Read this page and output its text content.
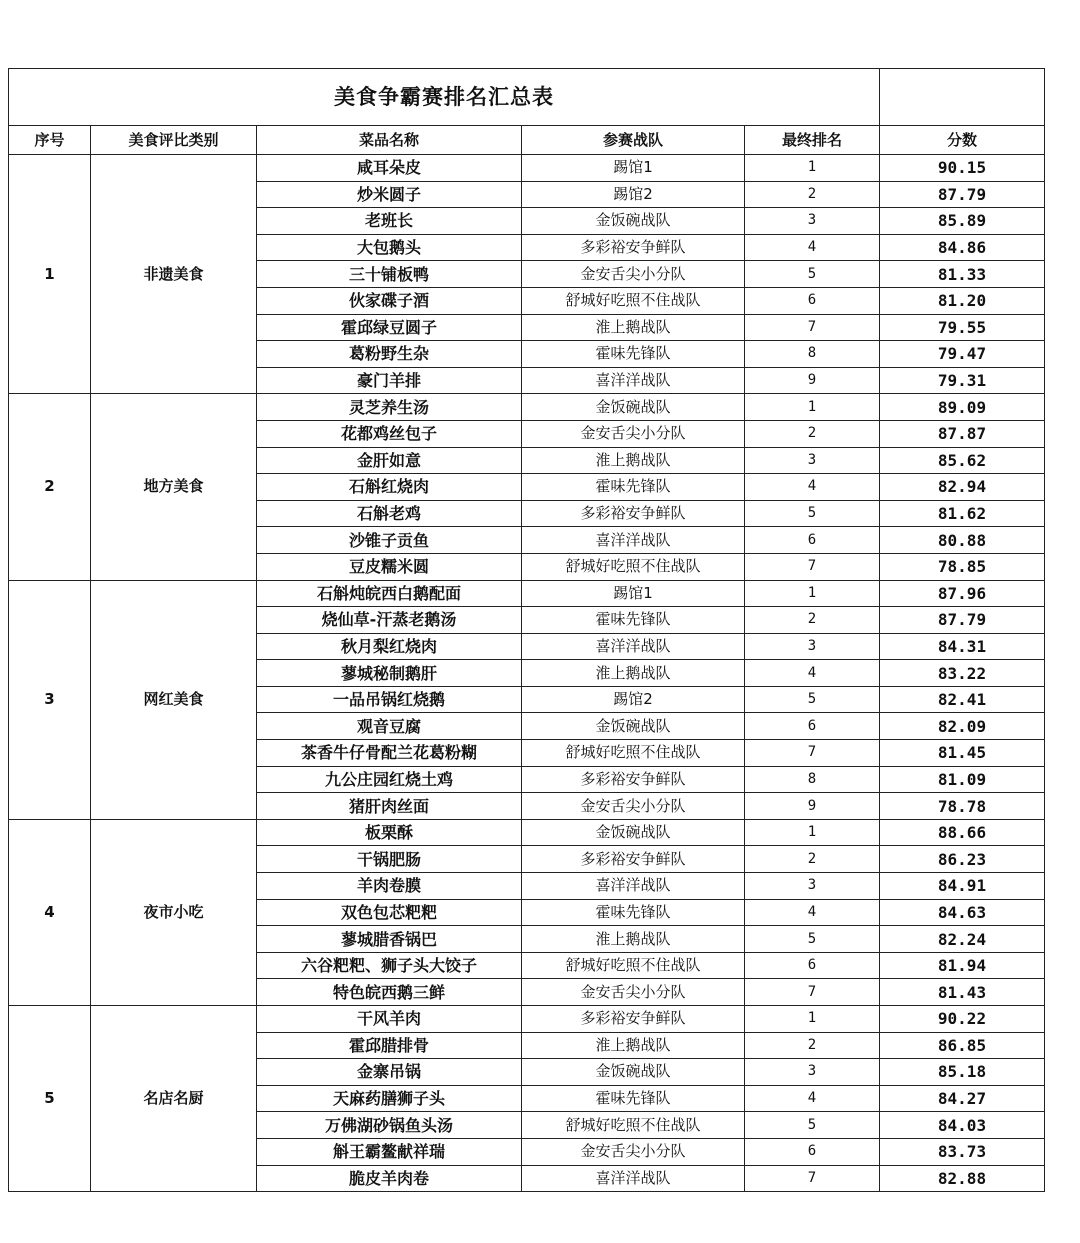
美食争霸赛排名汇总表					
序号	美食评比类别	菜品名称	参赛战队	最终排名	分数
1	非遗美食	咸耳朵皮	踢馆1	1	90.15
		炒米圆子	踢馆2	2	87.79
		老班长	金饭碗战队	3	85.89
		大包鹅头	多彩裕安争鲜队	4	84.86
		三十铺板鸭	金安舌尖小分队	5	81.33
		伙家碟子酒	舒城好吃照不住战队	6	81.20
		霍邱绿豆圆子	淮上鹅战队	7	79.55
		葛粉野生杂	霍味先锋队	8	79.47
		豪门羊排	喜洋洋战队	9	79.31
2	地方美食	灵芝养生汤	金饭碗战队	1	89.09
		花都鸡丝包子	金安舌尖小分队	2	87.87
		金肝如意	淮上鹅战队	3	85.62
		石斛红烧肉	霍味先锋队	4	82.94
		石斛老鸡	多彩裕安争鲜队	5	81.62
		沙锥子贡鱼	喜洋洋战队	6	80.88
		豆皮糯米圆	舒城好吃照不住战队	7	78.85
3	网红美食	石斛炖皖西白鹅配面	踢馆1	1	87.96
		烧仙草-汗蒸老鹅汤	霍味先锋队	2	87.79
		秋月梨红烧肉	喜洋洋战队	3	84.31
		蓼城秘制鹅肝	淮上鹅战队	4	83.22
		一品吊锅红烧鹅	踢馆2	5	82.41
		观音豆腐	金饭碗战队	6	82.09
		茶香牛仔骨配兰花葛粉糊	舒城好吃照不住战队	7	81.45
		九公庄园红烧土鸡	多彩裕安争鲜队	8	81.09
		猪肝肉丝面	金安舌尖小分队	9	78.78
4	夜市小吃	板栗酥	金饭碗战队	1	88.66
		干锅肥肠	多彩裕安争鲜队	2	86.23
		羊肉卷膜	喜洋洋战队	3	84.91
		双色包芯粑粑	霍味先锋队	4	84.63
		蓼城腊香锅巴	淮上鹅战队	5	82.24
		六谷粑粑、狮子头大饺子	舒城好吃照不住战队	6	81.94
		特色皖西鹅三鲜	金安舌尖小分队	7	81.43
5	名店名厨	干风羊肉	多彩裕安争鲜队	1	90.22
		霍邱腊排骨	淮上鹅战队	2	86.85
		金寨吊锅	金饭碗战队	3	85.18
		天麻药膳狮子头	霍味先锋队	4	84.27
		万佛湖砂锅鱼头汤	舒城好吃照不住战队	5	84.03
		斛王霸鳌献祥瑞	金安舌尖小分队	6	83.73
		脆皮羊肉卷	喜洋洋战队	7	82.88
